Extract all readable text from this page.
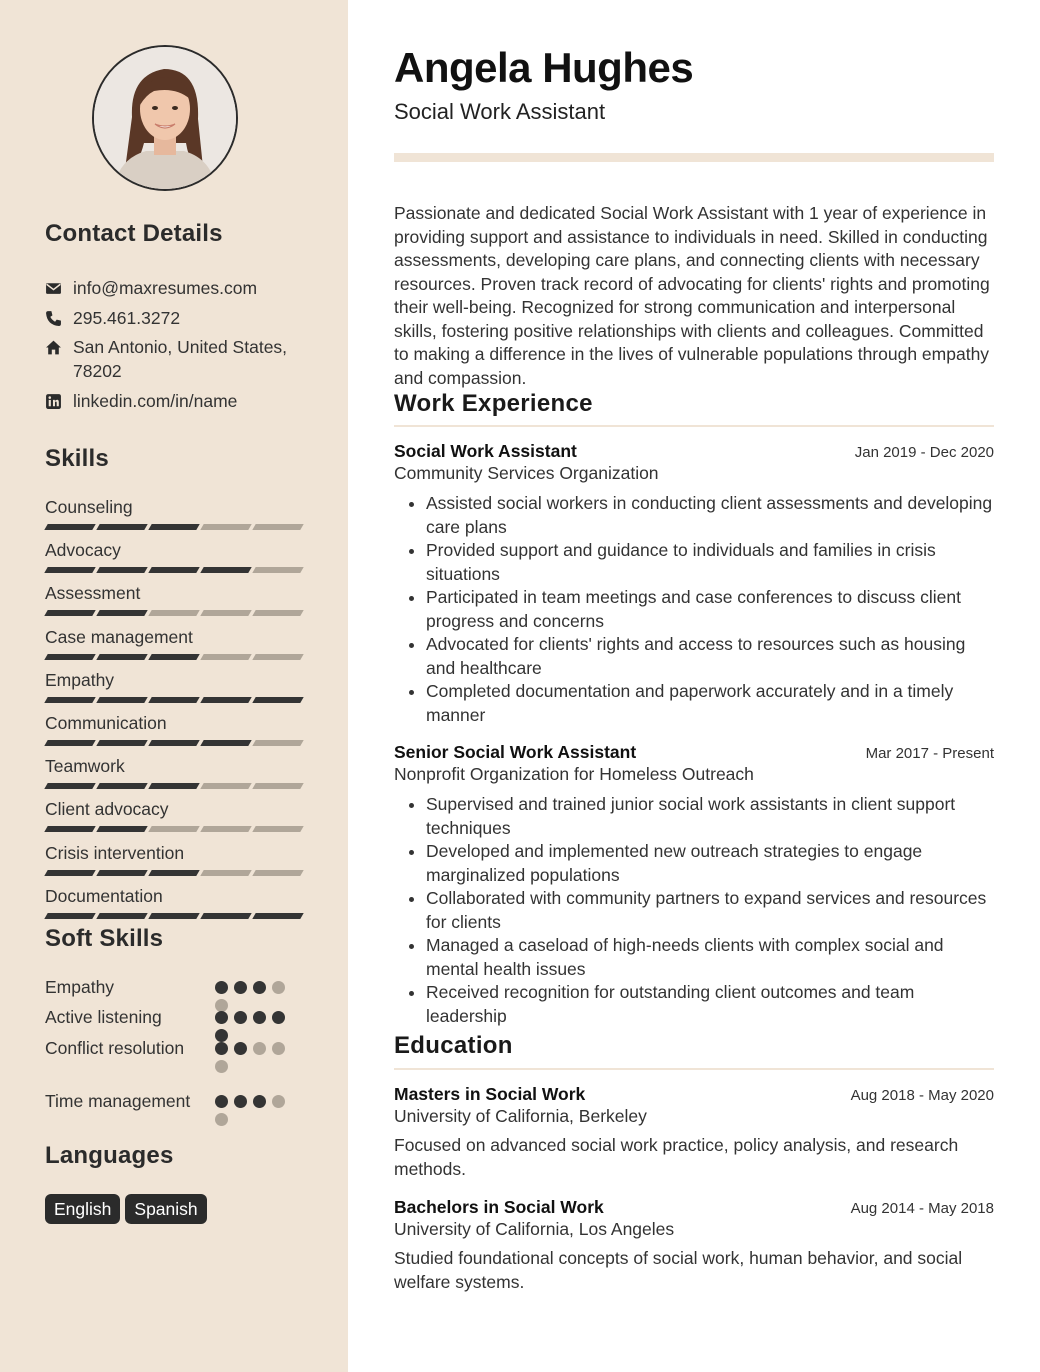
Contact Details
info@maxresumes.com
295.461.3272
San Antonio, United States, 78202
linkedin.com/in/name
Skills
Counseling
Advocacy
Assessment
Case management
Empathy
Communication
Teamwork
Client advocacy
Crisis intervention
Documentation
Soft Skills
Empathy
Active listening
Conflict resolution
Time management
Languages
English	Spanish
Angela Hughes
Social Work Assistant

Passionate and dedicated Social Work Assistant with 1 year of experience in providing support and assistance to individuals in need. Skilled in conducting assessments, developing care plans, and connecting clients with necessary resources. Proven track record of advocating for clients' rights and promoting their well-being. Recognized for strong communication and interpersonal skills, fostering positive relationships with clients and colleagues. Committed to making a difference in the lives of vulnerable populations through empathy and compassion.

Work Experience
Social Work Assistant	Jan 2019 - Dec 2020
Community Services Organization
• Assisted social workers in conducting client assessments and developing care plans
• Provided support and guidance to individuals and families in crisis situations
• Participated in team meetings and case conferences to discuss client progress and concerns
• Advocated for clients' rights and access to resources such as housing and healthcare
• Completed documentation and paperwork accurately and in a timely manner
Senior Social Work Assistant	Mar 2017 - Present
Nonprofit Organization for Homeless Outreach
• Supervised and trained junior social work assistants in client support techniques
• Developed and implemented new outreach strategies to engage marginalized populations
• Collaborated with community partners to expand services and resources for clients
• Managed a caseload of high-needs clients with complex social and mental health issues
• Received recognition for outstanding client outcomes and team leadership
Education
Masters in Social Work	Aug 2018 - May 2020
University of California, Berkeley
Focused on advanced social work practice, policy analysis, and research methods.
Bachelors in Social Work	Aug 2014 - May 2018
University of California, Los Angeles
Studied foundational concepts of social work, human behavior, and social welfare systems.
